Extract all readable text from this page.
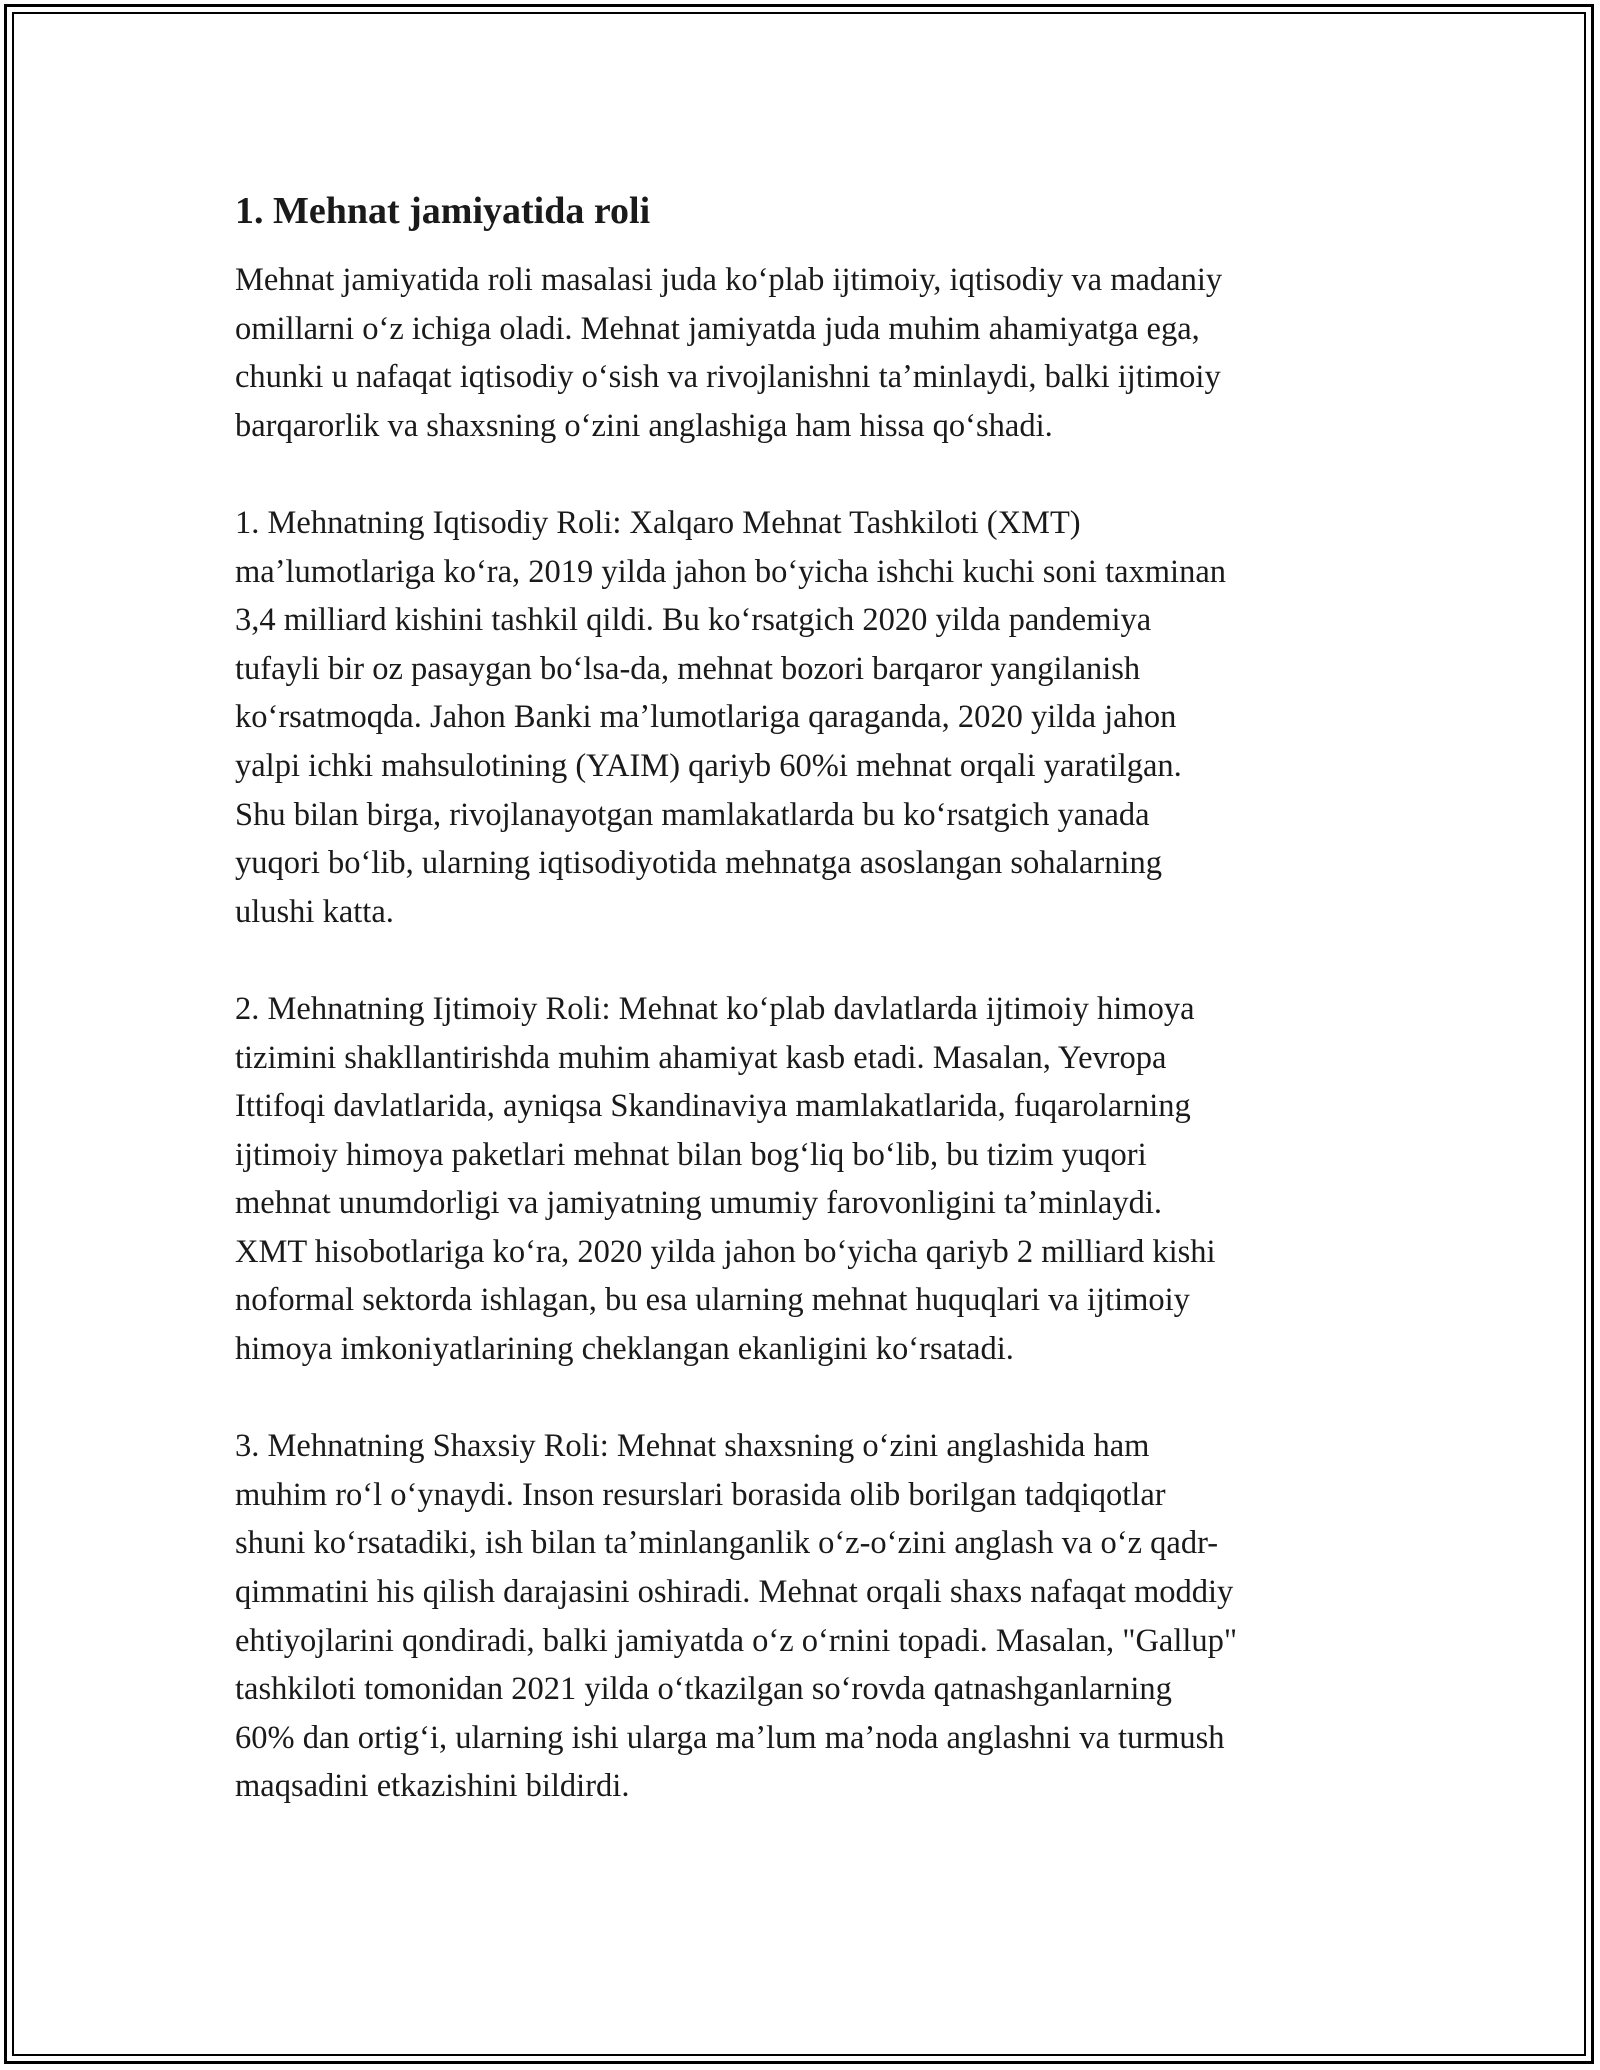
1. Mehnat jamiyatida roli
Mehnat jamiyatida roli masalasi juda koʻplab ijtimoiy, iqtisodiy va madaniy
omillarni oʻz ichiga oladi. Mehnat jamiyatda juda muhim ahamiyatga ega,
chunki u nafaqat iqtisodiy oʻsish va rivojlanishni taʼminlaydi, balki ijtimoiy
barqarorlik va shaxsning oʻzini anglashiga ham hissa qoʻshadi.
1. Mehnatning Iqtisodiy Roli: Xalqaro Mehnat Tashkiloti (XMT)
maʼlumotlariga koʻra, 2019 yilda jahon boʻyicha ishchi kuchi soni taxminan
3,4 milliard kishini tashkil qildi. Bu koʻrsatgich 2020 yilda pandemiya
tufayli bir oz pasaygan boʻlsa-da, mehnat bozori barqaror yangilanish
koʻrsatmoqda. Jahon Banki maʼlumotlariga qaraganda, 2020 yilda jahon
yalpi ichki mahsulotining (YAIM) qariyb 60%i mehnat orqali yaratilgan.
Shu bilan birga, rivojlanayotgan mamlakatlarda bu koʻrsatgich yanada
yuqori boʻlib, ularning iqtisodiyotida mehnatga asoslangan sohalarning
ulushi katta.
2. Mehnatning Ijtimoiy Roli: Mehnat koʻplab davlatlarda ijtimoiy himoya
tizimini shakllantirishda muhim ahamiyat kasb etadi. Masalan, Yevropa
Ittifoqi davlatlarida, ayniqsa Skandinaviya mamlakatlarida, fuqarolarning
ijtimoiy himoya paketlari mehnat bilan bogʻliq boʻlib, bu tizim yuqori
mehnat unumdorligi va jamiyatning umumiy farovonligini taʼminlaydi.
XMT hisobotlariga koʻra, 2020 yilda jahon boʻyicha qariyb 2 milliard kishi
noformal sektorda ishlagan, bu esa ularning mehnat huquqlari va ijtimoiy
himoya imkoniyatlarining cheklangan ekanligini koʻrsatadi.
3. Mehnatning Shaxsiy Roli: Mehnat shaxsning oʻzini anglashida ham
muhim roʻl oʻynaydi. Inson resurslari borasida olib borilgan tadqiqotlar
shuni koʻrsatadiki, ish bilan taʼminlanganlik oʻz-oʻzini anglash va oʻz qadr-
qimmatini his qilish darajasini oshiradi. Mehnat orqali shaxs nafaqat moddiy
ehtiyojlarini qondiradi, balki jamiyatda oʻz oʻrnini topadi. Masalan, "Gallup"
tashkiloti tomonidan 2021 yilda oʻtkazilgan soʻrovda qatnashganlarning
60% dan ortigʻi, ularning ishi ularga maʼlum maʼnoda anglashni va turmush
maqsadini etkazishini bildirdi.
